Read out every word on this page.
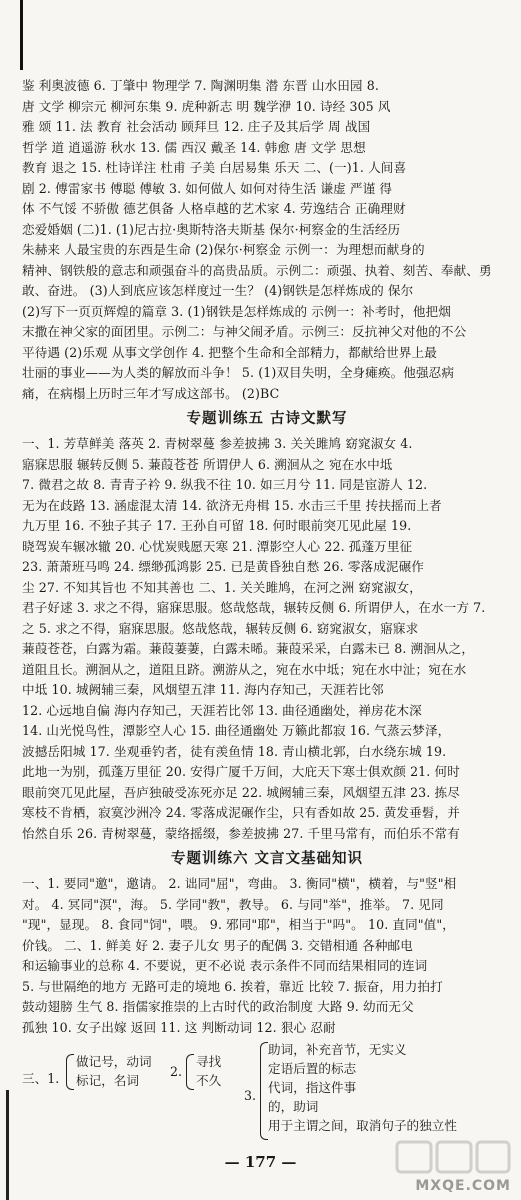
鉴 利奥波德 6. 丁肇中 物理学 7. 陶渊明集 潜 东晋 山水田园 8.
唐 文学 柳宗元 柳河东集 9. 虎种新志 明 魏学洢 10. 诗经 305 风
雅 颂 11. 法 教育 社会活动 顾拜旦 12. 庄子及其后学 周 战国
哲学 道 逍遥游 秋水 13. 儒 西汉 戴圣 14. 韩愈 唐 文学 思想
教育 退之 15. 杜诗详注 杜甫 子美 白居易集 乐天 二、(一)1. 人间喜
剧 2. 傅雷家书 傅聪 傅敏 3. 如何做人 如何对待生活 谦虚 严谨 得
体 不气馁 不骄傲 德艺俱备 人格卓越的艺术家 4. 劳逸结合 正确理财
恋爱婚姻 (二)1. (1)尼古拉·奥斯特洛夫斯基 保尔·柯察金的生活经历
朱赫来 人最宝贵的东西是生命 (2)保尔·柯察金 示例一：为理想而献身的
精神、钢铁般的意志和顽强奋斗的高贵品质。示例二：顽强、执着、刻苦、奉献、勇
敢、奋进。 (3)人到底应该怎样度过一生？ (4)钢铁是怎样炼成的 保尔
(2)写下一页页辉煌的篇章 3. (1)钢铁是怎样炼成的 示例一：补考时，他把烟
末撒在神父家的面团里。示例二：与神父闹矛盾。示例三：反抗神父对他的不公
平待遇 (2)乐观 从事文学创作 4. 把整个生命和全部精力，都献给世界上最
壮丽的事业——为人类的解放而斗争！ 5. (1)双目失明，全身瘫痪。他强忍病
痛，在病榻上历时三年才写成这部书。 (2)BC
专题训练五 古诗文默写
一、1. 芳草鲜美 落英 2. 青树翠蔓 参差披拂 3. 关关雎鸠 窈窕淑女 4.
寤寐思服 辗转反侧 5. 蒹葭苍苍 所谓伊人 6. 溯洄从之 宛在水中坻
7. 微君之故 8. 青青子衿 9. 纵我不往 10. 如三月兮 11. 同是宦游人 12.
无为在歧路 13. 涵虚混太清 14. 欲济无舟楫 15. 水击三千里 抟扶摇而上者
九万里 16. 不独子其子 17. 王孙自可留 18. 何时眼前突兀见此屋 19.
晓驾炭车辗冰辙 20. 心忧炭贱愿天寒 21. 潭影空人心 22. 孤蓬万里征
23. 萧萧班马鸣 24. 缥缈孤鸿影 25. 已是黄昏独自愁 26. 零落成泥碾作
尘 27. 不知其旨也 不知其善也 二、1. 关关雎鸠，在河之洲 窈窕淑女，
君子好逑 3. 求之不得，寤寐思服。悠哉悠哉，辗转反侧 6. 所谓伊人，在水一方 7.
之 5. 求之不得，寤寐思服。悠哉悠哉，辗转反侧 6. 窈窕淑女，寤寐求
蒹葭苍苍，白露为霜。蒹葭萋萋，白露未晞。蒹葭采采，白露未已 8. 溯洄从之，
道阻且长。溯洄从之，道阻且跻。溯游从之，宛在水中坻；宛在水中沚；宛在水
中坻 10. 城阙辅三秦，风烟望五津 11. 海内存知己，天涯若比邻
12. 心远地自偏 海内存知己，天涯若比邻 13. 曲径通幽处，禅房花木深
14. 山光悦鸟性，潭影空人心 15. 曲径通幽处 万籁此都寂 16. 气蒸云梦泽，
波撼岳阳城 17. 坐观垂钓者，徒有羡鱼情 18. 青山横北郭，白水绕东城 19.
此地一为别，孤蓬万里征 20. 安得广厦千万间，大庇天下寒士俱欢颜 21. 何时
眼前突兀见此屋，吾庐独破受冻死亦足 22. 城阙辅三秦，风烟望五津 23. 拣尽
寒枝不肯栖，寂寞沙洲冷 24. 零落成泥碾作尘，只有香如故 25. 黄发垂髫，并
怡然自乐 26. 青树翠蔓，蒙络摇缀，参差披拂 27. 千里马常有，而伯乐不常有
专题训练六 文言文基础知识
一、1. 要同"邀"，邀请。 2. 诎同"屈"，弯曲。 3. 衡同"横"，横着，与"竖"相
对。 4. 冥同"溟"，海。 5. 学同"教"，教导。 6. 与同"举"，推举。 7. 见同
"现"，显现。 8. 食同"饲"，喂。 9. 邪同"耶"，相当于"吗"。 10. 直同"值"，
价钱。 二、1. 鲜美 好 2. 妻子儿女 男子的配偶 3. 交错相通 各种邮电
和运输事业的总称 4. 不要说，更不必说 表示条件不同而结果相同的连词
5. 与世隔绝的地方 无路可走的境地 6. 挨着，靠近 比较 7. 振奋，用力拍打
鼓动翅膀 生气 8. 指儒家推崇的上古时代的政治制度 大路 9. 幼而无父
孤独 10. 女子出嫁 返回 11. 这 判断动词 12. 狠心 忍耐
三、1.
做记号，动词
标记，名词
2.
寻找
不久
3.
助词，补充音节，无实义
定语后置的标志
代词，指这件事
的，助词
用于主谓之间，取消句子的独立性
— 177 —
MXQE.COM
